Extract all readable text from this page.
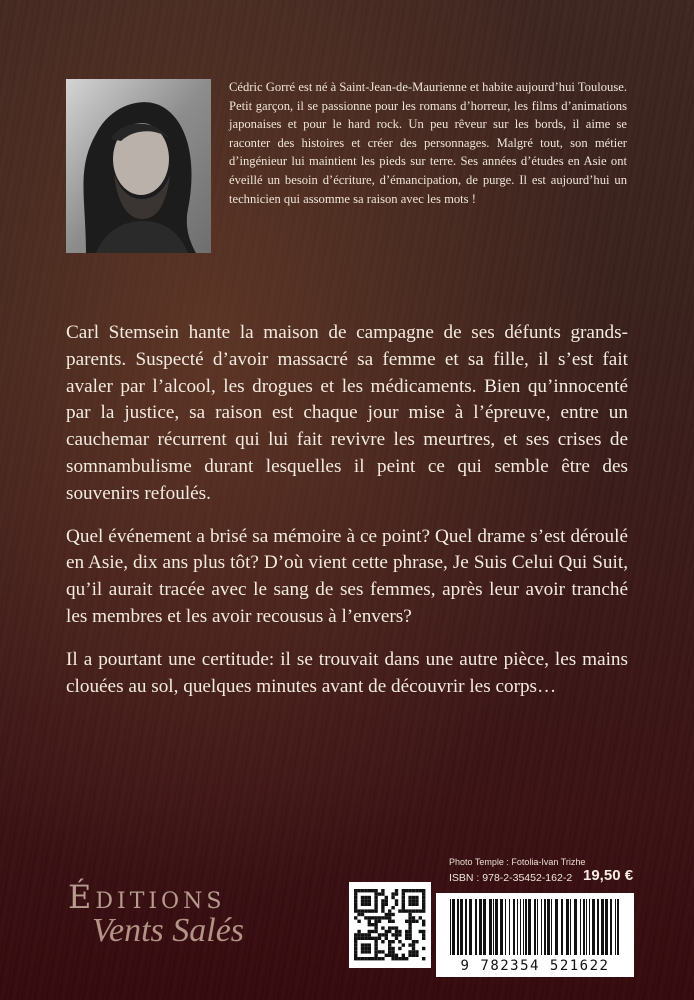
Cédric Gorré est né à Saint-Jean-de-Maurienne et habite aujourd’hui Toulouse. Petit garçon, il se passionne pour les romans d’horreur, les films d’animations japonaises et pour le hard rock. Un peu rêveur sur les bords, il aime se raconter des histoires et créer des personnages. Malgré tout, son métier d’ingénieur lui maintient les pieds sur terre. Ses années d’études en Asie ont éveillé un besoin d’écriture, d’émancipation, de purge. Il est aujourd’hui un technicien qui assomme sa raison avec les mots !

Carl Stemsein hante la maison de campagne de ses défunts grands-parents. Suspecté d’avoir massacré sa femme et sa fille, il s’est fait avaler par l’alcool, les drogues et les médicaments. Bien qu’innocenté par la justice, sa raison est chaque jour mise à l’épreuve, entre un cauchemar récurrent qui lui fait revivre les meurtres, et ses crises de somnambulisme durant lesquelles il peint ce qui semble être des souvenirs refoulés.

Quel événement a brisé sa mémoire à ce point? Quel drame s’est déroulé en Asie, dix ans plus tôt? D’où vient cette phrase, Je Suis Celui Qui Suit, qu’il aurait tracée avec le sang de ses femmes, après leur avoir tranché les membres et les avoir recousus à l’envers?

Il a pourtant une certitude: il se trouvait dans une autre pièce, les mains clouées au sol, quelques minutes avant de découvrir les corps…

Éditions
Vents Salés
Photo Temple : Fotolia-Ivan Trizhe
ISBN : 978-2-35452-162-2 19,50 €
9 782354 521622
